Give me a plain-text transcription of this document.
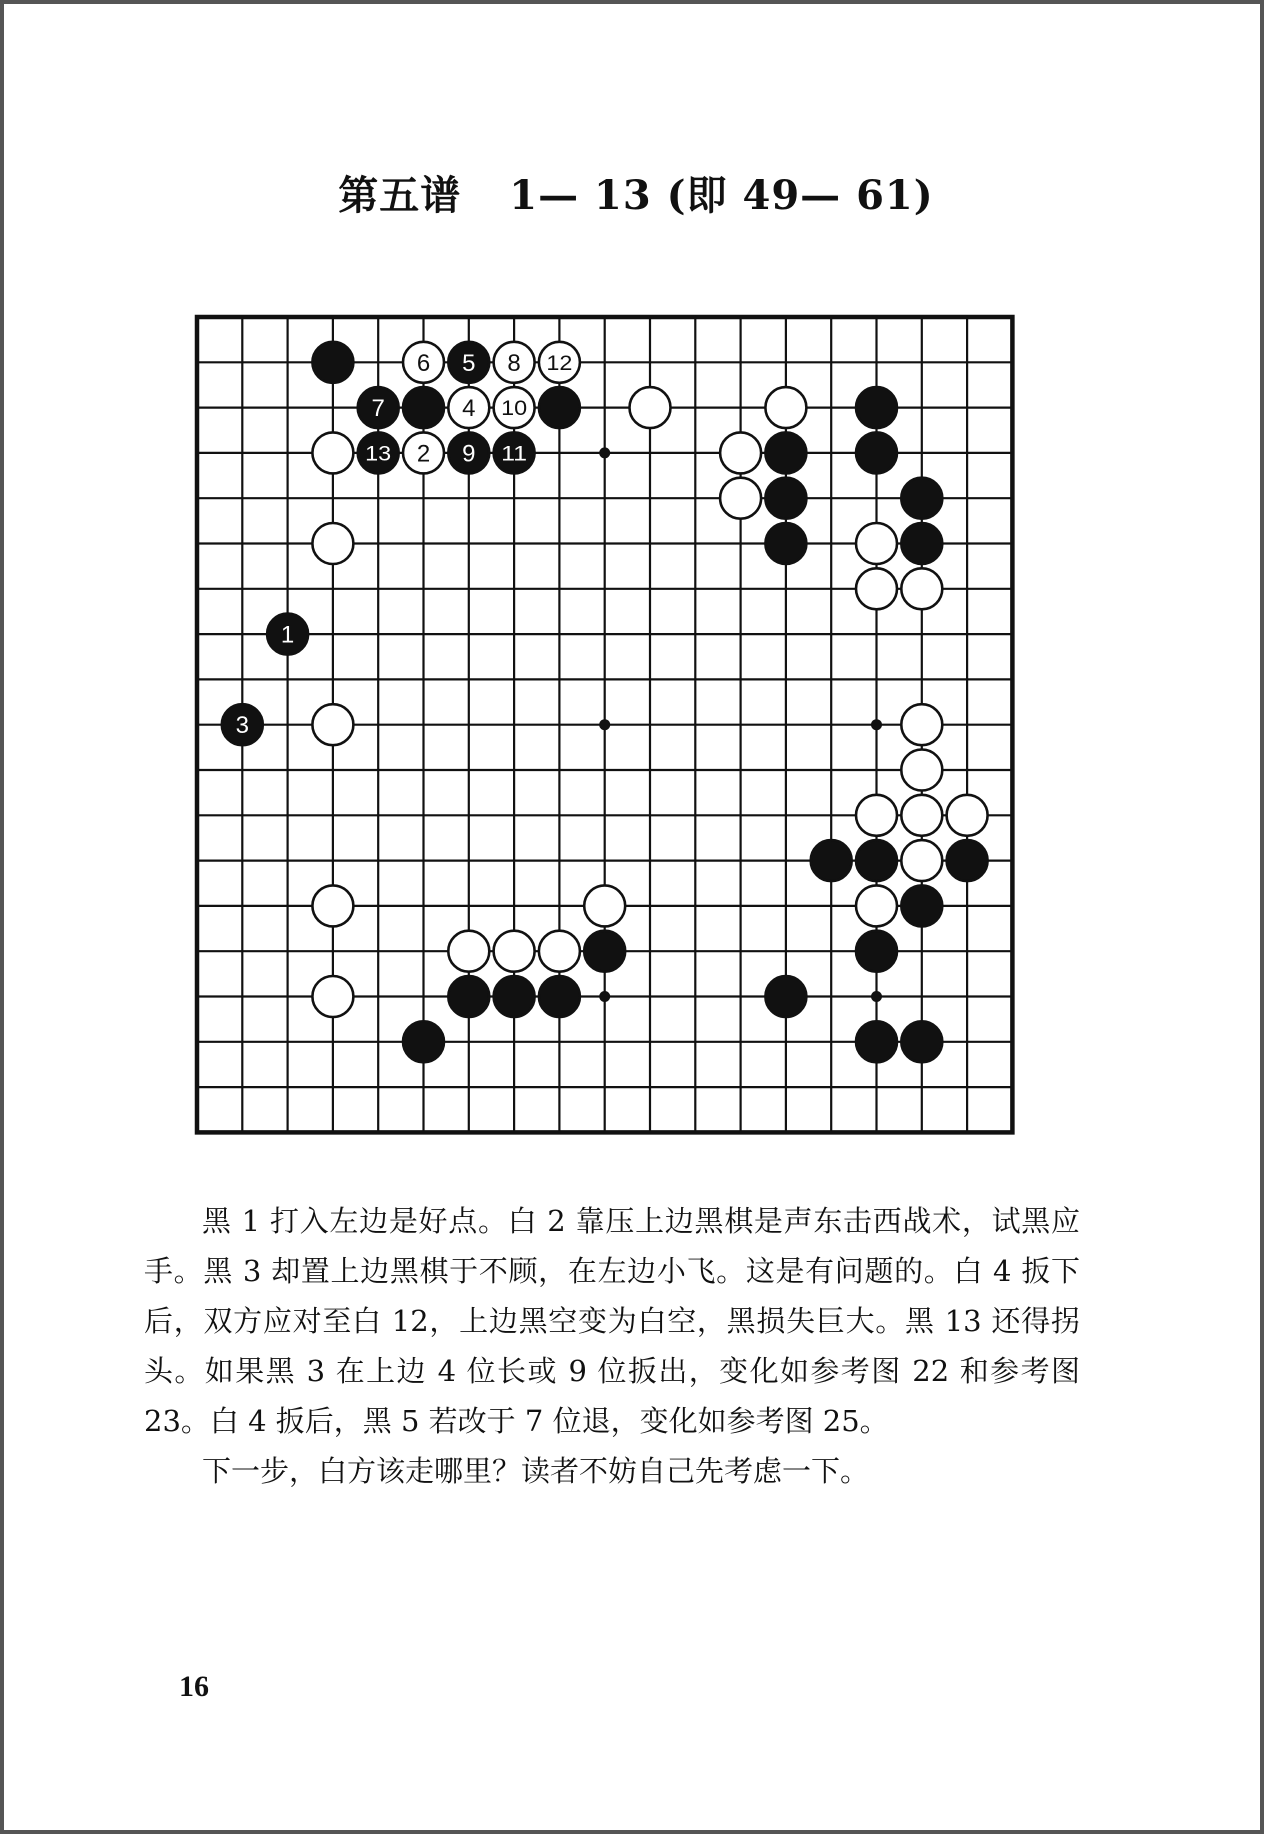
第五谱 1— 13 (即 49— 61)
6 5 8 12
7	4 10
13 2 9 11
1
3

黑 1 打入左边是好点。白 2 靠压上边黑棋是声东击西战术，试黑应手。黑 3 却置上边黑棋于不顾，在左边小飞。这是有问题的。白 4 扳下后，双方应对至白 12，上边黑空变为白空，黑损失巨大。黑 13 还得拐头。如果黑 3 在上边 4 位长或 9 位扳出，变化如参考图 22 和参考图 23。白 4 扳后，黑 5 若改于 7 位退，变化如参考图 25。

下一步，白方该走哪里？读者不妨自己先考虑一下。

16
